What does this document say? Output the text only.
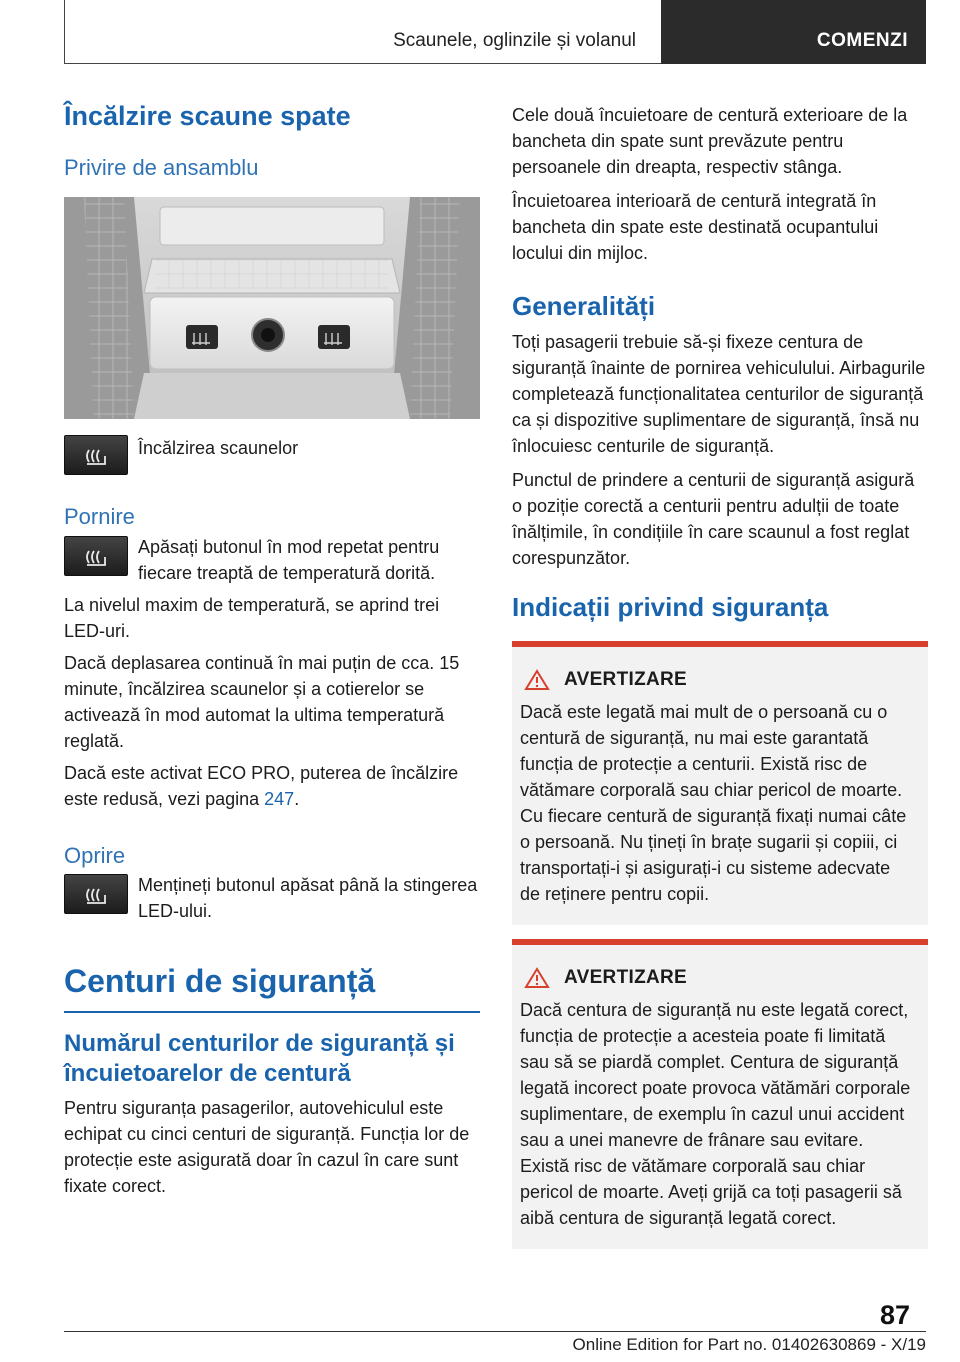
Scaunele, oglinzile și volanul	COMENZI
Încălzire scaune spate
Privire de ansamblu

Încălzirea scaunelor

Pornire

Apăsați butonul în mod repetat pentru fiecare treaptă de temperatură dorită.

La nivelul maxim de temperatură, se aprind trei LED-uri.

Dacă deplasarea continuă în mai puțin de cca. 15 minute, încălzirea scaunelor și a cotierelor se activează în mod automat la ultima temperatură reglată.

Dacă este activat ECO PRO, puterea de încălzire este redusă, vezi pagina 247.

Oprire

Mențineți butonul apăsat până la stingerea LED-ului.

Centuri de siguranță
Numărul centurilor de siguranță și încuietoarelor de centură

Pentru siguranța pasagerilor, autovehiculul este echipat cu cinci centuri de siguranță. Funcția lor de protecție este asigurată doar în cazul în care sunt fixate corect.

Cele două încuietoare de centură exterioare de la bancheta din spate sunt prevăzute pentru persoanele din dreapta, respectiv stânga.

Încuietoarea interioară de centură integrată în bancheta din spate este destinată ocupantului locului din mijloc.

Generalități

Toți pasagerii trebuie să-și fixeze centura de siguranță înainte de pornirea vehiculului. Airbagurile completează funcționalitatea centurilor de siguranță ca și dispozitive suplimentare de siguranță, însă nu înlocuiesc centurile de siguranță.

Punctul de prindere a centurii de siguranță asigură o poziție corectă a centurii pentru adulții de toate înălțimile, în condițiile în care scaunul a fost reglat corespunzător.

Indicații privind siguranța
AVERTIZARE

Dacă este legată mai mult de o persoană cu o centură de siguranță, nu mai este garantată funcția de protecție a centurii. Există risc de vătămare corporală sau chiar pericol de moarte. Cu fiecare centură de siguranță fixați numai câte o persoană. Nu țineți în brațe sugarii și copiii, ci transportați-i și asigurați-i cu sisteme adecvate de reținere pentru copii.

AVERTIZARE

Dacă centura de siguranță nu este legată corect, funcția de protecție a acesteia poate fi limitată sau să se piardă complet. Centura de siguranță legată incorect poate provoca vătămări corporale suplimentare, de exemplu în cazul unui accident sau a unei manevre de frânare sau evitare. Există risc de vătămare corporală sau chiar pericol de moarte. Aveți grijă ca toți pasagerii să aibă centura de siguranță legată corect.

87
Online Edition for Part no. 01402630869 - X/19
